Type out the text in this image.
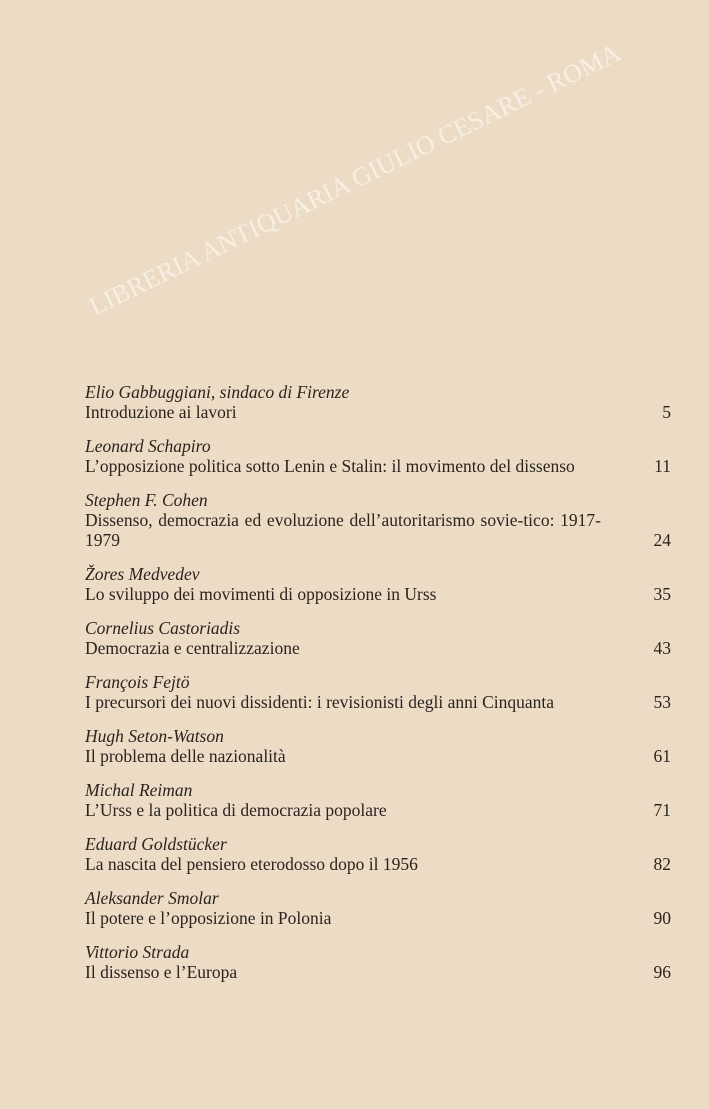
Elio Gabbuggiani, sindaco di Firenze
Introduzione ai lavori	5
Leonard Schapiro
L’opposizione politica sotto Lenin e Stalin: il movimento del dissenso	11
Stephen F. Cohen
Dissenso, democrazia ed evoluzione dell’autoritarismo sovie-tico: 1917-1979	24
Žores Medvedev
Lo sviluppo dei movimenti di opposizione in Urss	35
Cornelius Castoriadis
Democrazia e centralizzazione	43
François Fejtö
I precursori dei nuovi dissidenti: i revisionisti degli anni Cinquanta	53
Hugh Seton-Watson
Il problema delle nazionalità	61
Michal Reiman
L’Urss e la politica di democrazia popolare	71
Eduard Goldstücker
La nascita del pensiero eterodosso dopo il 1956	82
Aleksander Smolar
Il potere e l’opposizione in Polonia	90
Vittorio Strada
Il dissenso e l’Europa	96
LIBRERIA ANTIQUARIA GIULIO CESARE - ROMA
